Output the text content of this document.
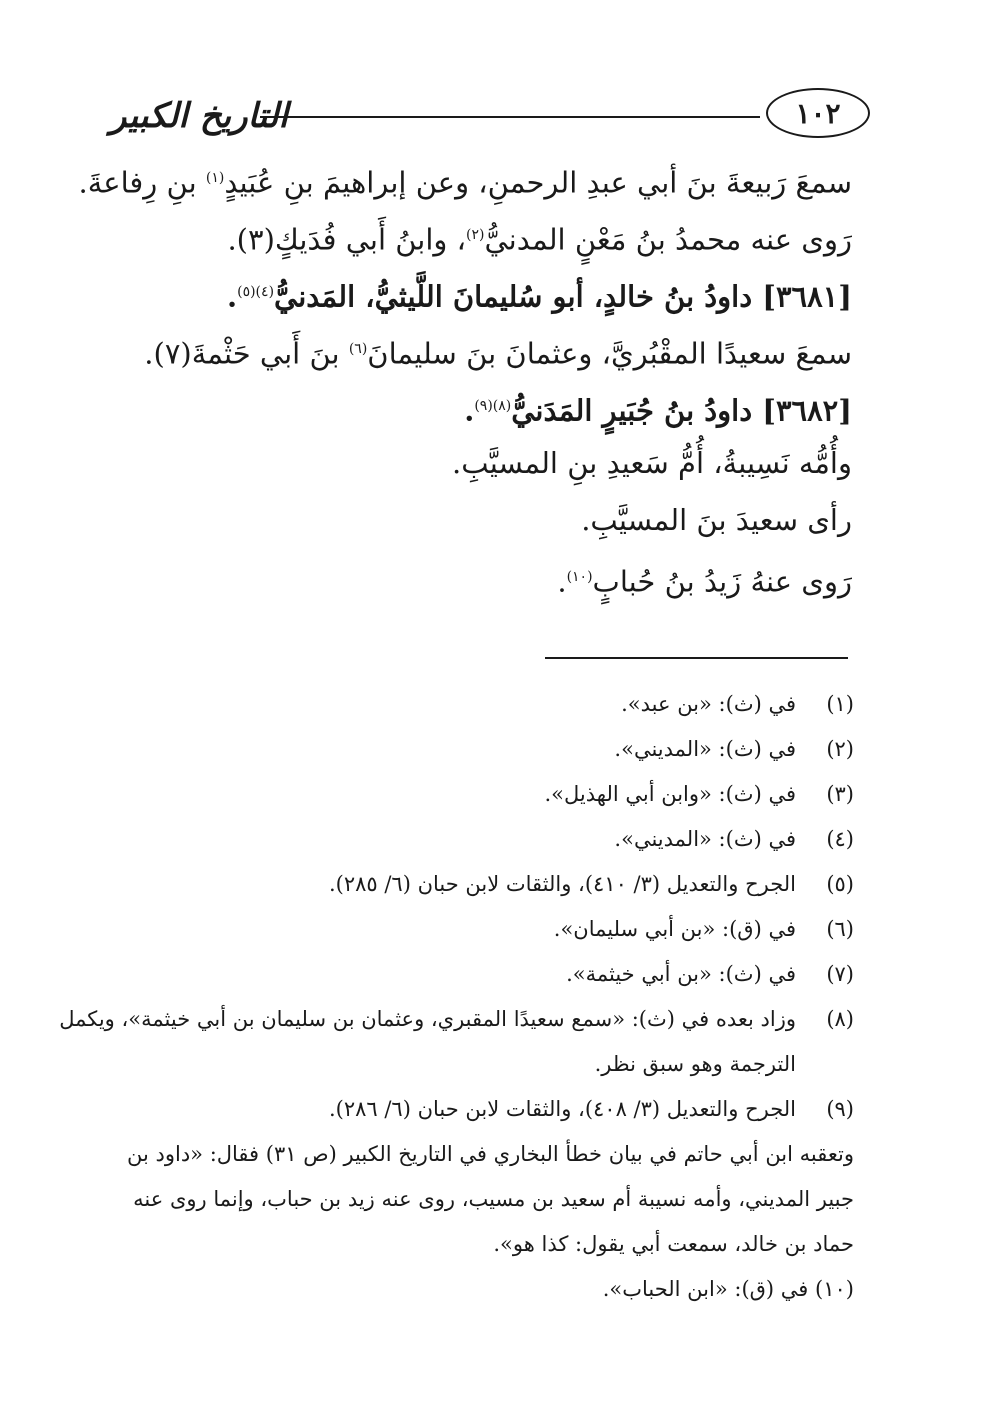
التاريخ الكبير	١٠٢
سمعَ رَبيعةَ بنَ أبي عبدِ الرحمنِ، وعن إبراهيمَ بنِ عُبَيدٍ$^{(١)}$ بنِ رِفاعةَ.
رَوى عنه محمدُ بنُ مَعْنٍ المدنيُّ$^{(٢)}$، وابنُ أَبي فُدَيكٍ(٣).
[٣٦٨١] داودُ بنُ خالدٍ، أبو سُليمانَ اللَّيثيُّ، المَدنيُّ$^{(٤)(٥)}$.
سمعَ سعيدًا المقْبُريَّ، وعثمانَ بنَ سليمانَ$^{(٦)}$ بنَ أَبي حَثْمةَ(٧).
[٣٦٨٢] داودُ بنُ جُبَيرٍ المَدَنيُّ$^{(٨)(٩)}$.
وأُمُّه نَسِيبةُ، أُمُّ سَعيدِ بنِ المسيَّبِ.
رأى سعيدَ بنَ المسيَّبِ.
رَوى عنهُ زَيدُ بنُ حُبابٍ$^{(١٠)}$.
(١)
في (ث): «بن عبد».
(٢)
في (ث): «المديني».
(٣)
في (ث): «وابن أبي الهذيل».
(٤)
في (ث): «المديني».
(٥)
الجرح والتعديل (٣/ ٤١٠)، والثقات لابن حبان (٦/ ٢٨٥).
(٦)
في (ق): «بن أبي سليمان».
(٧)
في (ث): «بن أبي خيثمة».
(٨)
وزاد بعده في (ث): «سمع سعيدًا المقبري، وعثمان بن سليمان بن أبي خيثمة»، ويكمل
الترجمة وهو سبق نظر.
(٩)
الجرح والتعديل (٣/ ٤٠٨)، والثقات لابن حبان (٦/ ٢٨٦).
وتعقبه ابن أبي حاتم في بيان خطأ البخاري في التاريخ الكبير (ص ٣١) فقال: «داود بن
جبير المديني، وأمه نسيبة أم سعيد بن مسيب، روى عنه زيد بن حباب، وإنما روى عنه
حماد بن خالد، سمعت أبي يقول: كذا هو».
(١٠) في (ق): «ابن الحباب».
